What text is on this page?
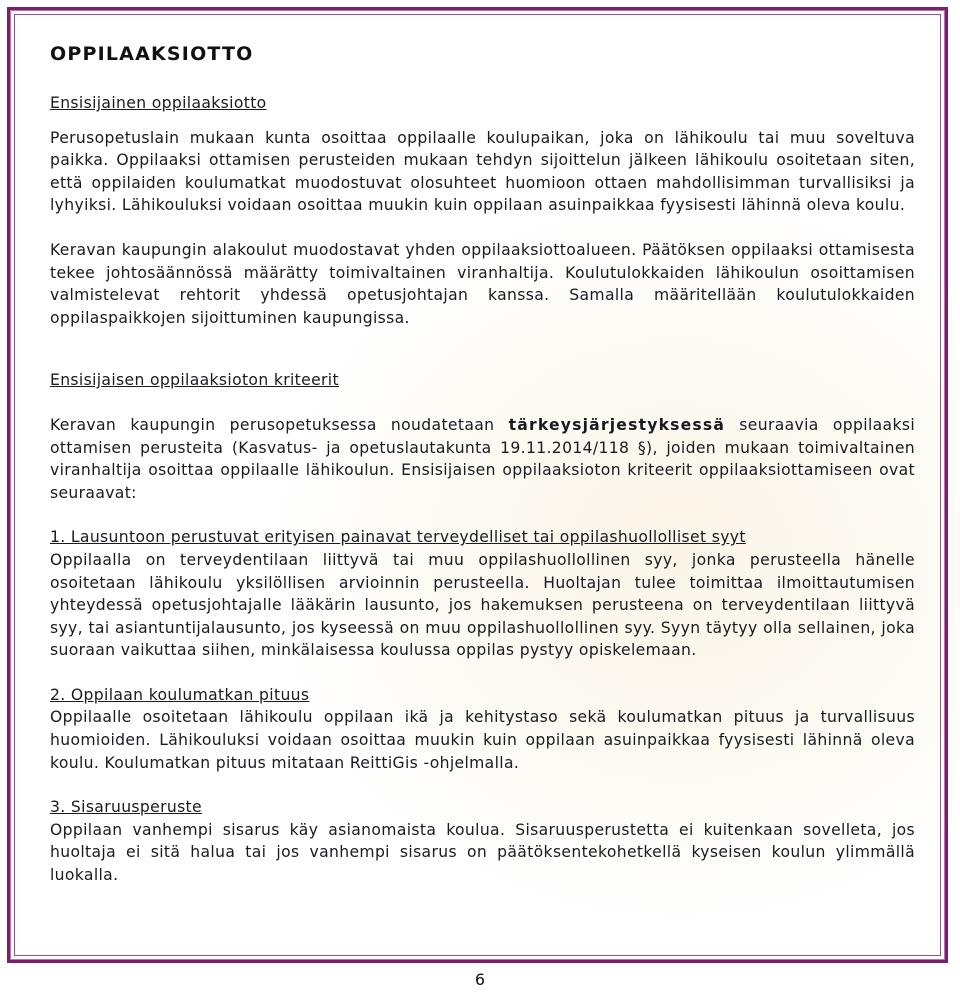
OPPILAAKSIOTTO
Ensisijainen oppilaaksiotto

Perusopetuslain mukaan kunta osoittaa oppilaalle koulupaikan, joka on lähikoulu tai muu soveltuva paikka. Oppilaaksi ottamisen perusteiden mukaan tehdyn sijoittelun jälkeen lähikoulu osoitetaan siten, että oppilaiden koulumatkat muodostuvat olosuhteet huomioon ottaen mahdollisimman turvallisiksi ja lyhyiksi. Lähikouluksi voidaan osoittaa muukin kuin oppilaan asuinpaikkaa fyysisesti lähinnä oleva koulu.

Keravan kaupungin alakoulut muodostavat yhden oppilaaksiottoalueen. Päätöksen oppilaaksi ottamisesta tekee johtosäännössä määrätty toimivaltainen viranhaltija. Koulutulokkaiden lähikoulun osoittamisen valmistelevat rehtorit yhdessä opetusjohtajan kanssa. Samalla määritellään koulutulokkaiden oppilaspaikkojen sijoittuminen kaupungissa.

Ensisijaisen oppilaaksioton kriteerit

Keravan kaupungin perusopetuksessa noudatetaan tärkeysjärjestyksessä seuraavia oppilaaksi ottamisen perusteita (Kasvatus- ja opetuslautakunta 19.11.2014/118 §), joiden mukaan toimivaltainen viranhaltija osoittaa oppilaalle lähikoulun. Ensisijaisen oppilaaksioton kriteerit oppilaaksiottamiseen ovat seuraavat:

1. Lausuntoon perustuvat erityisen painavat terveydelliset tai oppilashuollolliset syyt

Oppilaalla on terveydentilaan liittyvä tai muu oppilashuollollinen syy, jonka perusteella hänelle osoitetaan lähikoulu yksilöllisen arvioinnin perusteella. Huoltajan tulee toimittaa ilmoittautumisen yhteydessä opetusjohtajalle lääkärin lausunto, jos hakemuksen perusteena on terveydentilaan liittyvä syy, tai asiantuntijalausunto, jos kyseessä on muu oppilashuollollinen syy. Syyn täytyy olla sellainen, joka suoraan vaikuttaa siihen, minkälaisessa koulussa oppilas pystyy opiskelemaan.

2. Oppilaan koulumatkan pituus

Oppilaalle osoitetaan lähikoulu oppilaan ikä ja kehitystaso sekä koulumatkan pituus ja turvallisuus huomioiden. Lähikouluksi voidaan osoittaa muukin kuin oppilaan asuinpaikkaa fyysisesti lähinnä oleva koulu. Koulumatkan pituus mitataan ReittiGis -ohjelmalla.

3. Sisaruusperuste

Oppilaan vanhempi sisarus käy asianomaista koulua. Sisaruusperustetta ei kuitenkaan sovelleta, jos huoltaja ei sitä halua tai jos vanhempi sisarus on päätöksentekohetkellä kyseisen koulun ylimmällä luokalla.

6
